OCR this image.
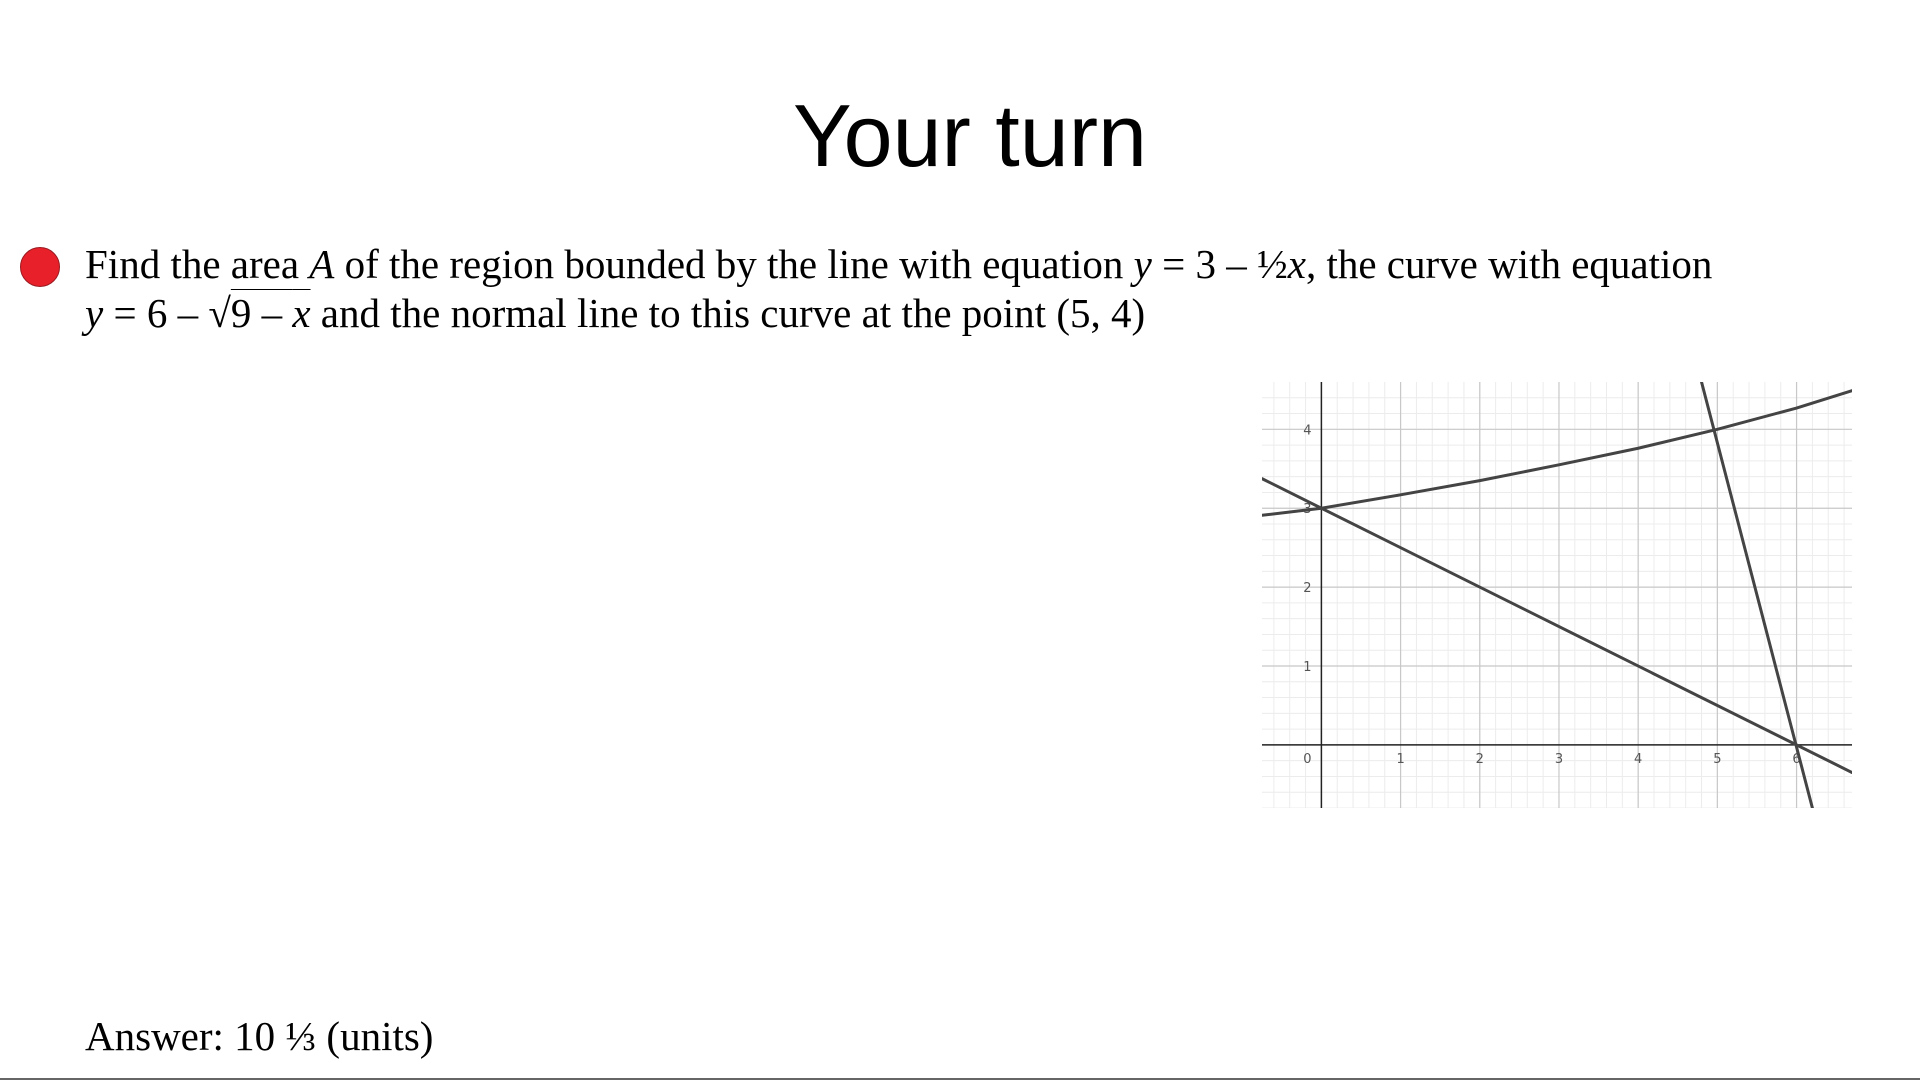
Your turn
Find the area A of the region bounded by the line with equation y = 3 – ½x, the curve with equation
y = 6 – √9 – x and the normal line to this curve at the point (5, 4)
0	1	2	3	4	5	6
1
2
3
4
Answer: 10 ⅓ (units)
